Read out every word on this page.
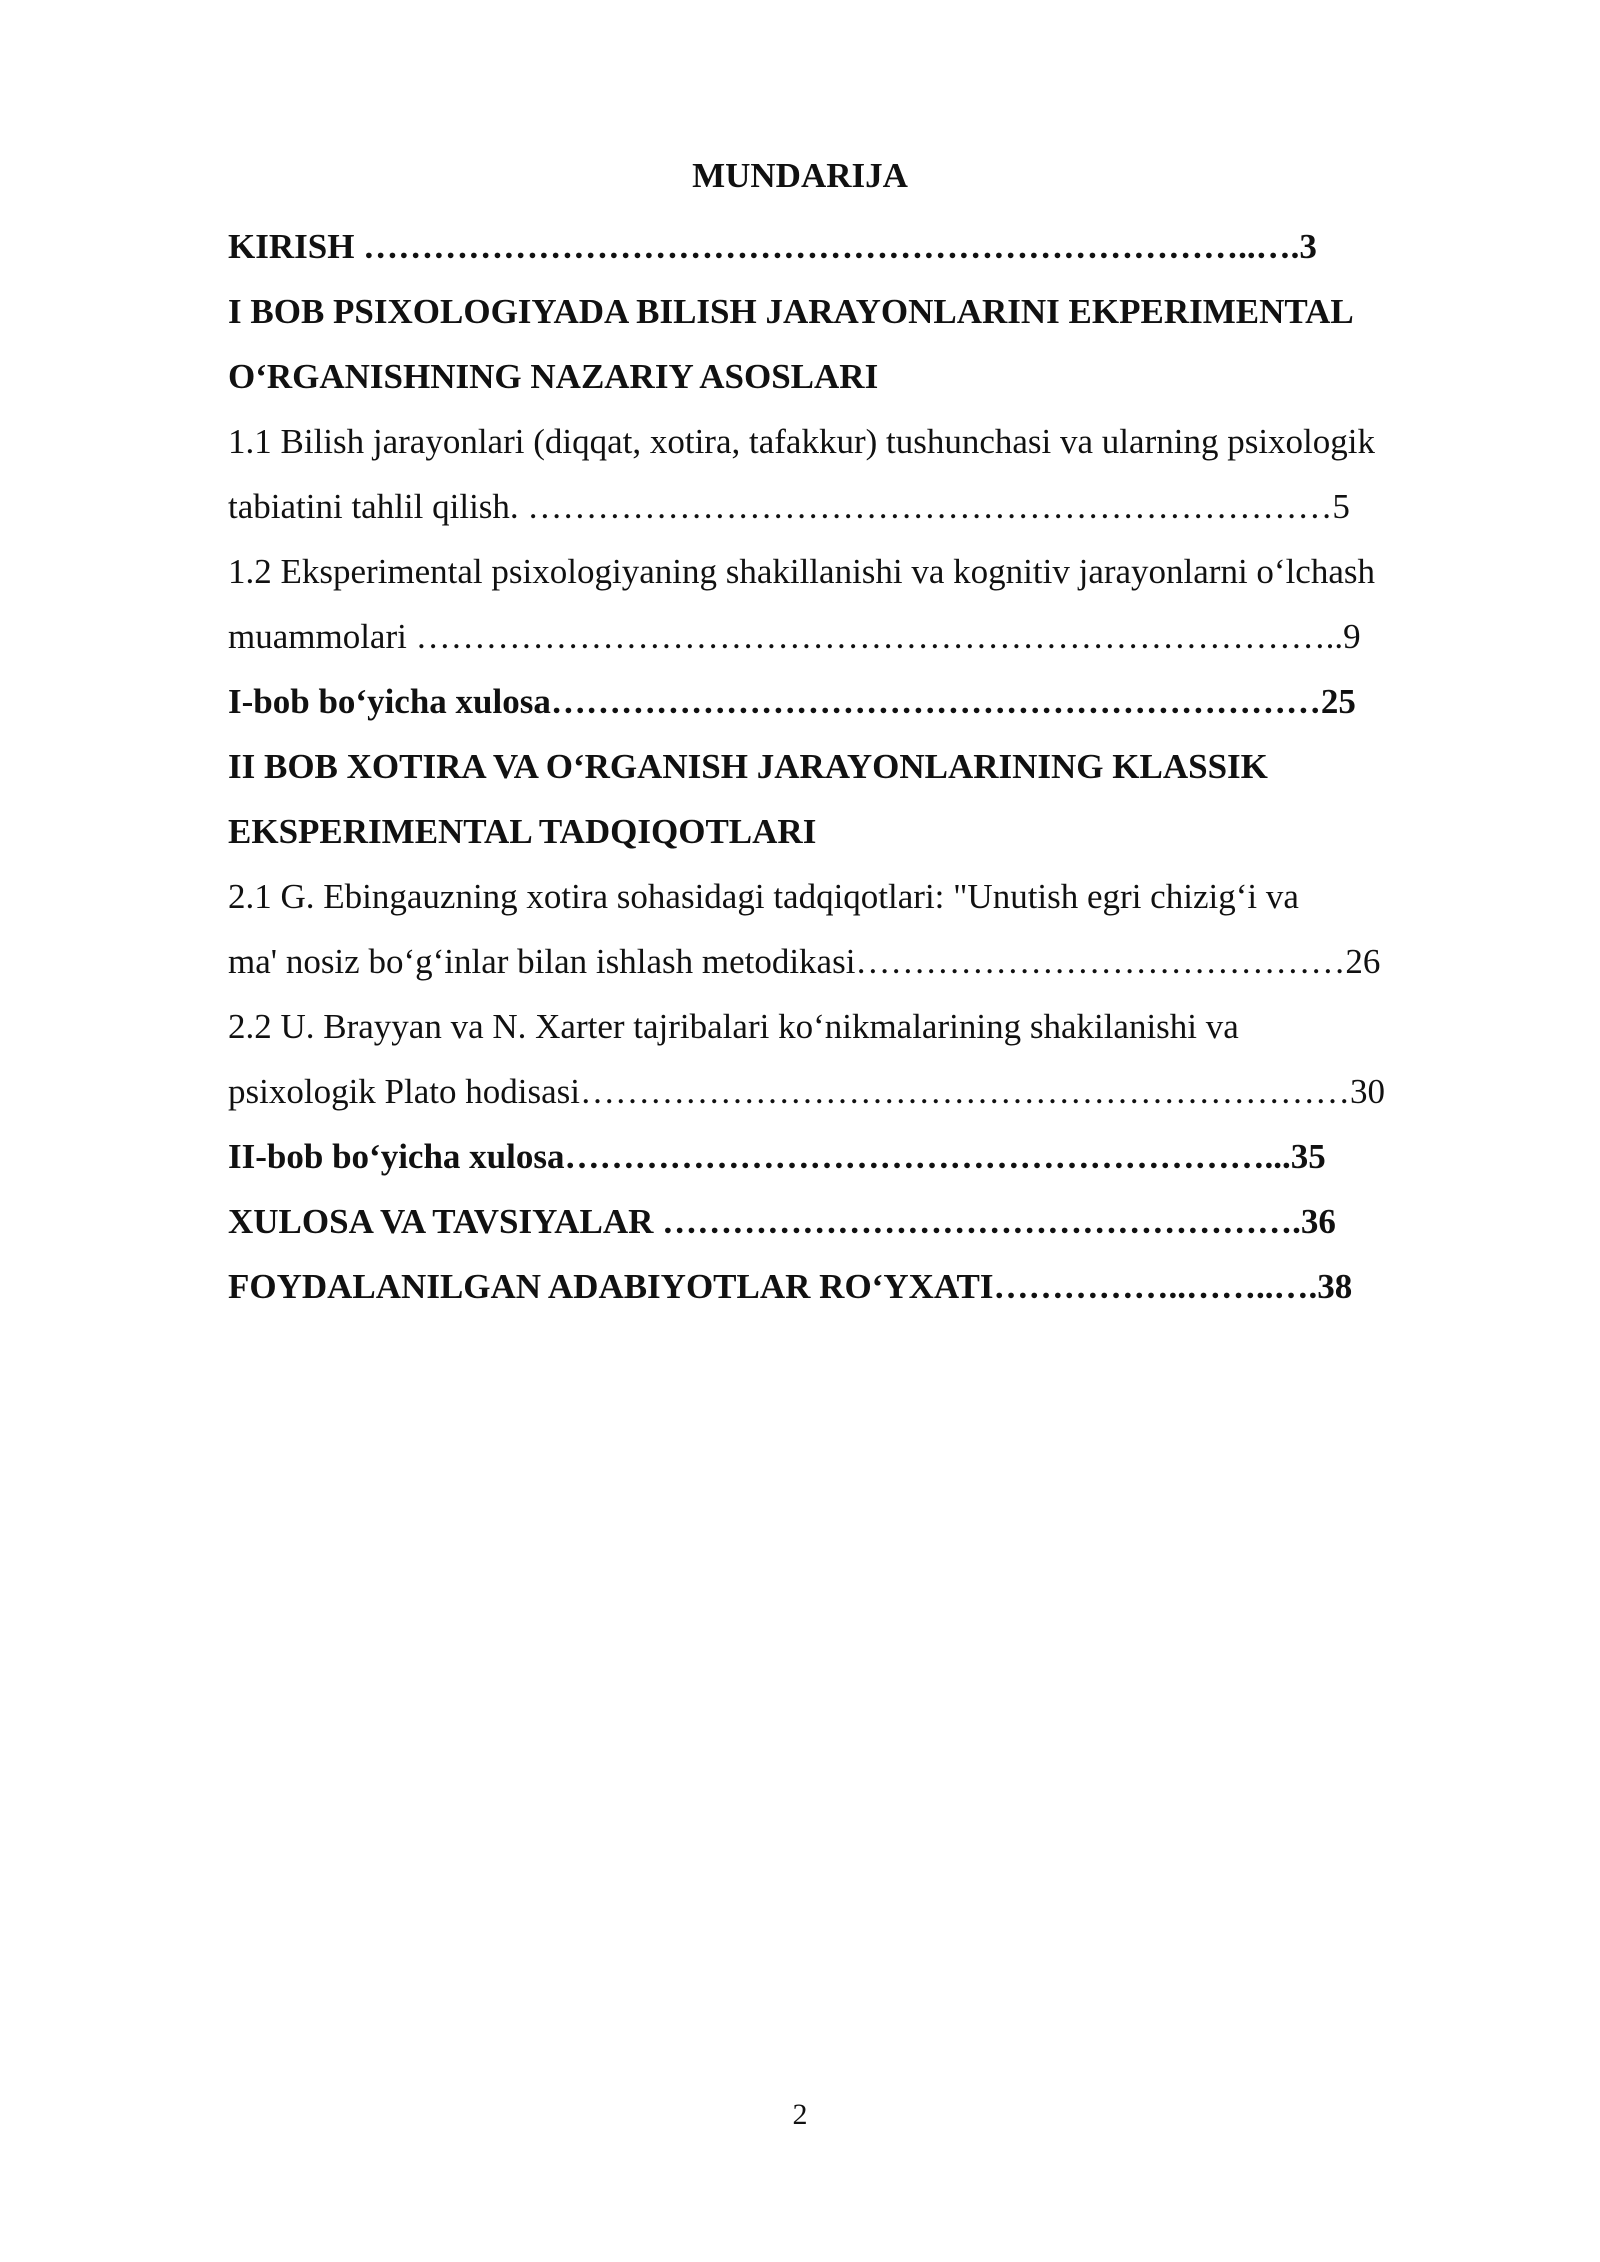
MUNDARIJA
KIRISH …………………………………………………………………..….3
I BOB PSIXOLOGIYADA BILISH JARAYONLARINI EKPERIMENTAL
O‘RGANISHNING NAZARIY ASOSLARI
1.1 Bilish jarayonlari (diqqat, xotira, tafakkur) tushunchasi va ularning psixologik
tabiatini tahlil qilish. ……………………………………………………………5
1.2 Eksperimental psixologiyaning shakillanishi va kognitiv jarayonlarni o‘lchash
muammolari ……………………………………………………………………..9
I-bob bo‘yicha xulosa…………………………………………………………25
II BOB XOTIRA VA O‘RGANISH JARAYONLARINING KLASSIK
EKSPERIMENTAL TADQIQOTLARI
2.1 G. Ebingauzning xotira sohasidagi tadqiqotlari: "Unutish egri chizig‘i va
ma' nosiz bo‘g‘inlar bilan ishlash metodikasi……………………………………26
2.2 U. Brayyan va N. Xarter tajribalari ko‘nikmalarining shakilanishi va
psixologik Plato hodisasi…………………………………………………………30
II-bob bo‘yicha xulosa……………………………………………………...35
XULOSA VA TAVSIYALAR ……………………………………………….36
FOYDALANILGAN ADABIYOTLAR RO‘YXATI……………..……..….38
2
